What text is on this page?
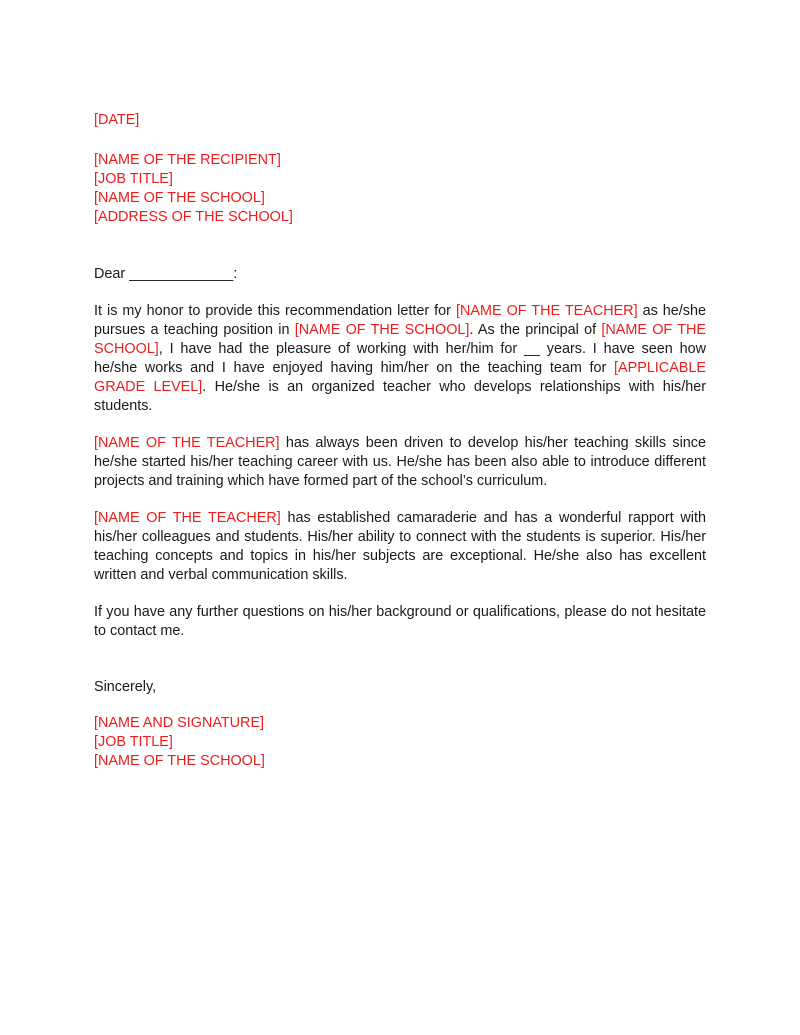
[DATE]
[NAME OF THE RECIPIENT]
[JOB TITLE]
[NAME OF THE SCHOOL]
[ADDRESS OF THE SCHOOL]
Dear _____________:
It is my honor to provide this recommendation letter for [NAME OF THE TEACHER] as he/she pursues a teaching position in [NAME OF THE SCHOOL]. As the principal of [NAME OF THE SCHOOL], I have had the pleasure of working with her/him for __ years. I have seen how he/she works and I have enjoyed having him/her on the teaching team for [APPLICABLE GRADE LEVEL]. He/she is an organized teacher who develops relationships with his/her students.
[NAME OF THE TEACHER] has always been driven to develop his/her teaching skills since he/she started his/her teaching career with us. He/she has been also able to introduce different projects and training which have formed part of the school’s curriculum.
[NAME OF THE TEACHER] has established camaraderie and has a wonderful rapport with his/her colleagues and students. His/her ability to connect with the students is superior. His/her teaching concepts and topics in his/her subjects are exceptional. He/she also has excellent written and verbal communication skills.
If you have any further questions on his/her background or qualifications, please do not hesitate to contact me.
Sincerely,
[NAME AND SIGNATURE]
[JOB TITLE]
[NAME OF THE SCHOOL]
